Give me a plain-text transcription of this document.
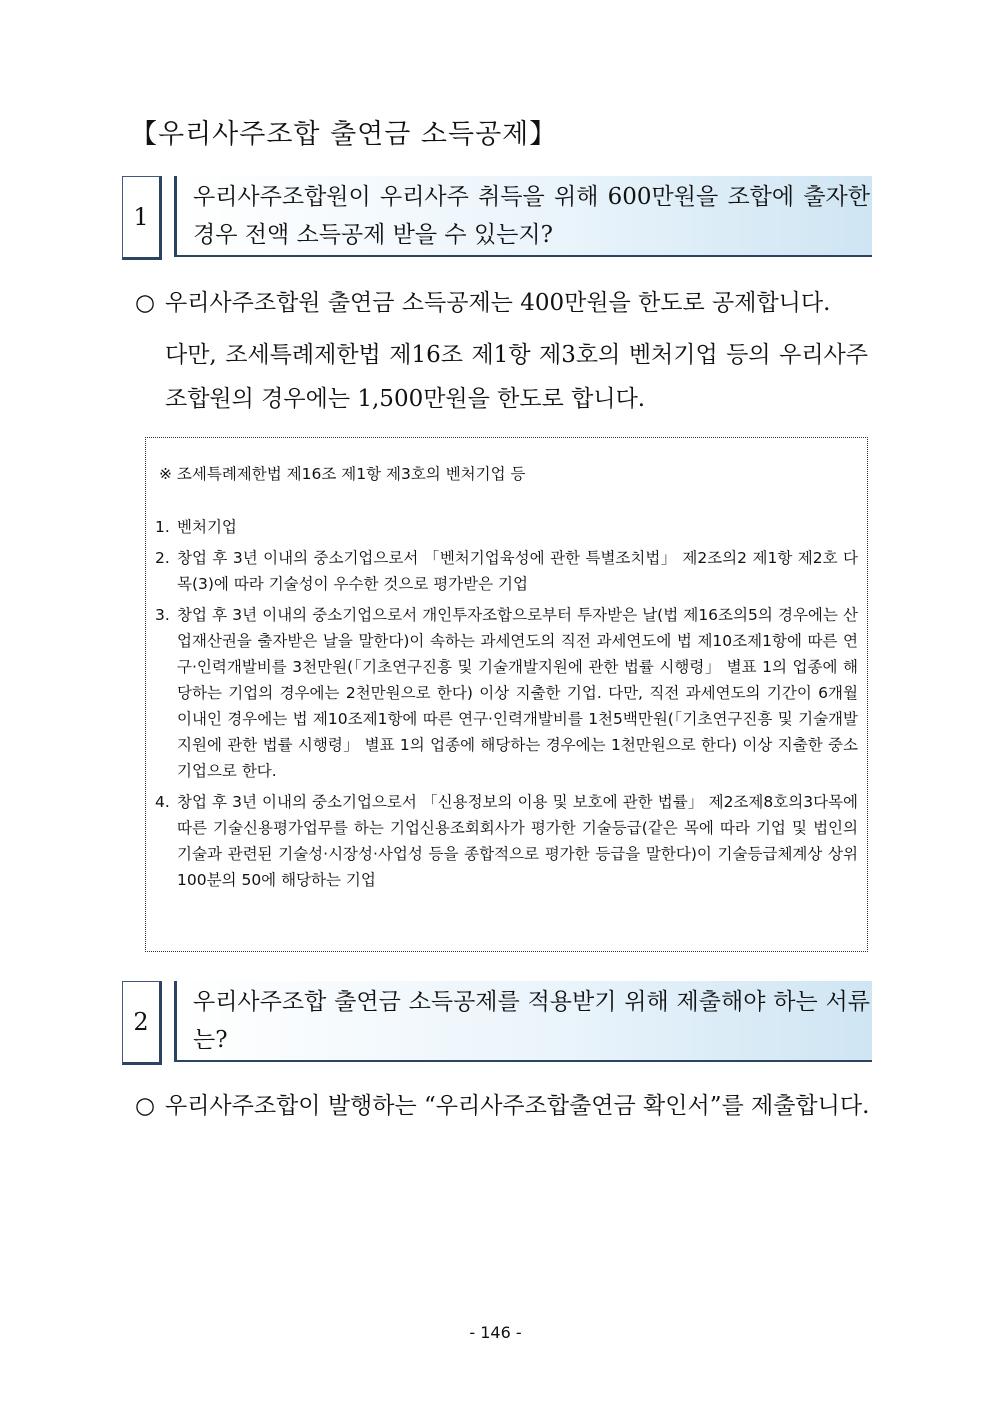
【우리사주조합 출연금 소득공제】
1
우리사주조합원이 우리사주 취득을 위해 600만원을 조합에 출자한 경우 전액 소득공제 받을 수 있는지?
○ 우리사주조합원 출연금 소득공제는 400만원을 한도로 공제합니다.
다만, 조세특례제한법 제16조 제1항 제3호의 벤처기업 등의 우리사주조합원의 경우에는 1,500만원을 한도로 합니다.
※ 조세특례제한법 제16조 제1항 제3호의 벤처기업 등
1. 벤처기업
2. 창업 후 3년 이내의 중소기업으로서 「벤처기업육성에 관한 특별조치법」 제2조의2 제1항 제2호 다목(3)에 따라 기술성이 우수한 것으로 평가받은 기업
3. 창업 후 3년 이내의 중소기업으로서 개인투자조합으로부터 투자받은 날(법 제16조의5의 경우에는 산업재산권을 출자받은 날을 말한다)이 속하는 과세연도의 직전 과세연도에 법 제10조제1항에 따른 연구·인력개발비를 3천만원(「기초연구진흥 및 기술개발지원에 관한 법률 시행령」 별표 1의 업종에 해당하는 기업의 경우에는 2천만원으로 한다) 이상 지출한 기업. 다만, 직전 과세연도의 기간이 6개월 이내인 경우에는 법 제10조제1항에 따른 연구·인력개발비를 1천5백만원(「기초연구진흥 및 기술개발지원에 관한 법률 시행령」 별표 1의 업종에 해당하는 경우에는 1천만원으로 한다) 이상 지출한 중소기업으로 한다.
4. 창업 후 3년 이내의 중소기업으로서 「신용정보의 이용 및 보호에 관한 법률」 제2조제8호의3다목에 따른 기술신용평가업무를 하는 기업신용조회회사가 평가한 기술등급(같은 목에 따라 기업 및 법인의 기술과 관련된 기술성·시장성·사업성 등을 종합적으로 평가한 등급을 말한다)이 기술등급체계상 상위 100분의 50에 해당하는 기업
2
우리사주조합 출연금 소득공제를 적용받기 위해 제출해야 하는 서류는?
○ 우리사주조합이 발행하는 “우리사주조합출연금 확인서”를 제출합니다.
- 146 -
